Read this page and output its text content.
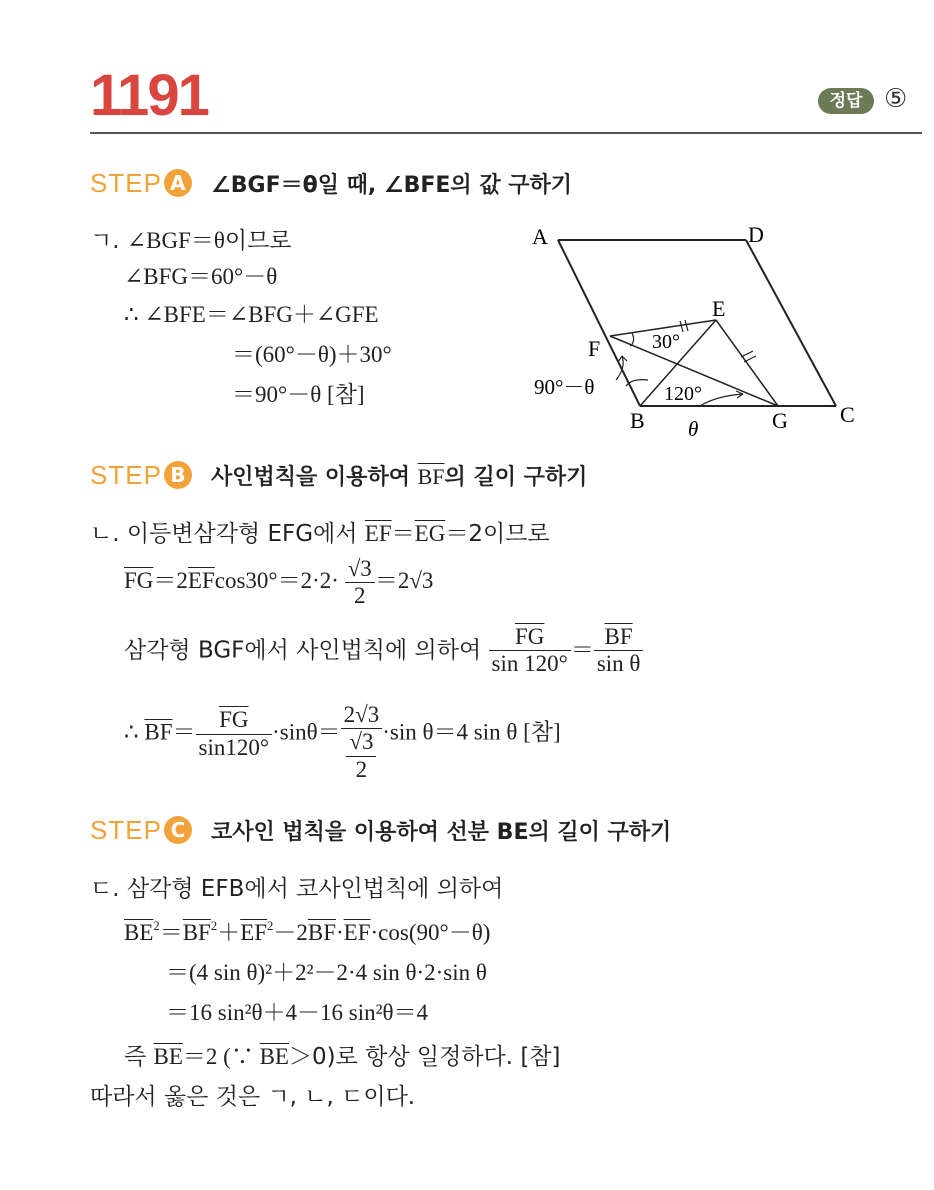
1191	정답 ⑤
STEP A ∠BGF＝θ일 때, ∠BFE의 값 구하기
ㄱ. ∠BGF＝θ이므로
∠BFG＝60°－θ
∴ ∠BFE＝∠BFG＋∠GFE
＝(60°－θ)＋30°
＝90°－θ [참]
A	D
E
F
B	G C
30°
120°
90°－θ
θ
STEP B 사인법칙을 이용하여 $\overline{BF}$의 길이 구하기
ㄴ. 이등변삼각형 EFG에서 $\overline{EF}=\overline{EG}=2$이므로
$\overline{FG}=2\overline{EF}\cos 30^\circ=2\cdot 2\cdot \frac{√3}{2} =2√3$
삼각형 BGF에서 사인법칙에 의하여 $\frac{\overline{FG}}{\sin 120^\circ} = \frac{\overline{BF}}{\text{sin θ}}$
∴ $\overline{BF}= \frac{\overline{FG}}{\sin 120^\circ} \cdot\sin\theta= \frac{2√3}{\frac{√3}{2}} \cdot\sin$ θ＝4 sin θ [참]
STEP C 코사인 법칙을 이용하여 선분 BE의 길이 구하기
ㄷ. 삼각형 EFB에서 코사인법칙에 의하여
$\overline{BE}^2=\overline{BF}^2+\overline{EF}^2-2\overline{BF}\cdot\overline{EF}\cdot\cos(90^\circ-\theta)$
＝(4 sin θ)²＋2²－2·4 sin θ·2·sin θ
＝16 sin²θ＋4－16 sin²θ＝4
즉 $\overline{BE}=2$ (∵ $\overline{BE}>0$)로 항상 일정하다. [참]
따라서 옳은 것은 ㄱ, ㄴ, ㄷ이다.
